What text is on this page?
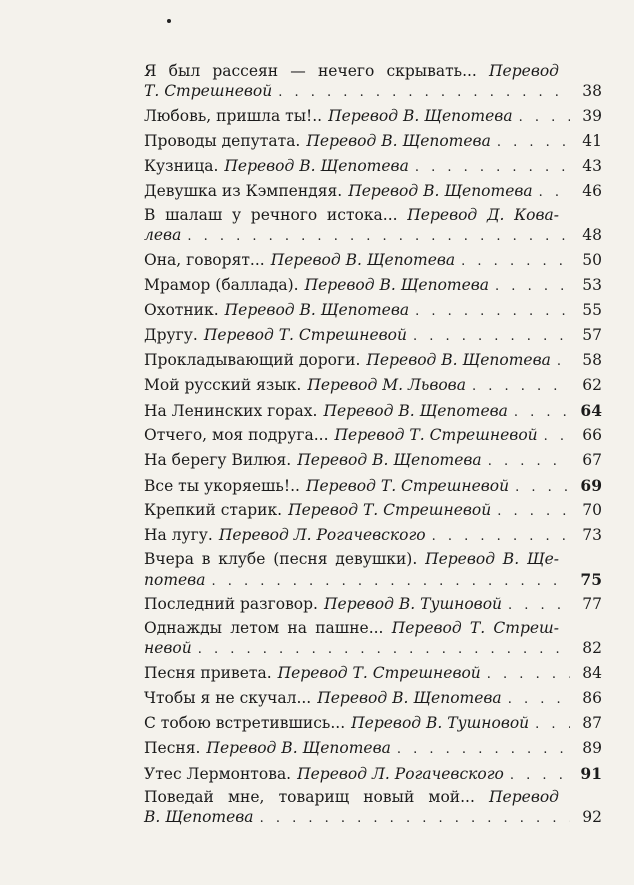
Я был рассеян — нечего скрывать... Перевод
Т. Стрешневой . . .	38
Любовь, пришла ты!.. Перевод В. Щепотева . . .	39
Проводы депутата. Перевод В. Щепотева . . .	41
Кузница. Перевод В. Щепотева . . .	43
Девушка из Кэмпендяя. Перевод В. Щепотева . . .	46
В шалаш у речного истока... Перевод Д. Кова-
лева . . .	48
Она, говорят... Перевод В. Щепотева . . .	50
Мрамор (баллада). Перевод В. Щепотева . . .	53
Охотник. Перевод В. Щепотева . . .	55
Другу. Перевод Т. Стрешневой . . .	57
Прокладывающий дороги. Перевод В. Щепотева . . .	58
Мой русский язык. Перевод М. Львова . . .	62
На Ленинских горах. Перевод В. Щепотева . . .	64
Отчего, моя подруга... Перевод Т. Стрешневой . . .	66
На берегу Вилюя. Перевод В. Щепотева . . .	67
Все ты укоряешь!.. Перевод Т. Стрешневой . . .	69
Крепкий старик. Перевод Т. Стрешневой . . .	70
На лугу. Перевод Л. Рогачевского . . .	73
Вчера в клубе (песня девушки). Перевод В. Ще-
потева . . .	75
Последний разговор. Перевод В. Тушновой . . .	77
Однажды летом на пашне... Перевод Т. Стреш-
невой . . .	82
Песня привета. Перевод Т. Стрешневой . . .	84
Чтобы я не скучал... Перевод В. Щепотева . . .	86
С тобою встретившись... Перевод В. Тушновой . . .	87
Песня. Перевод В. Щепотева . . .	89
Утес Лермонтова. Перевод Л. Рогачевского . . .	91
Поведай мне, товарищ новый мой... Перевод
В. Щепотева . . .	92
